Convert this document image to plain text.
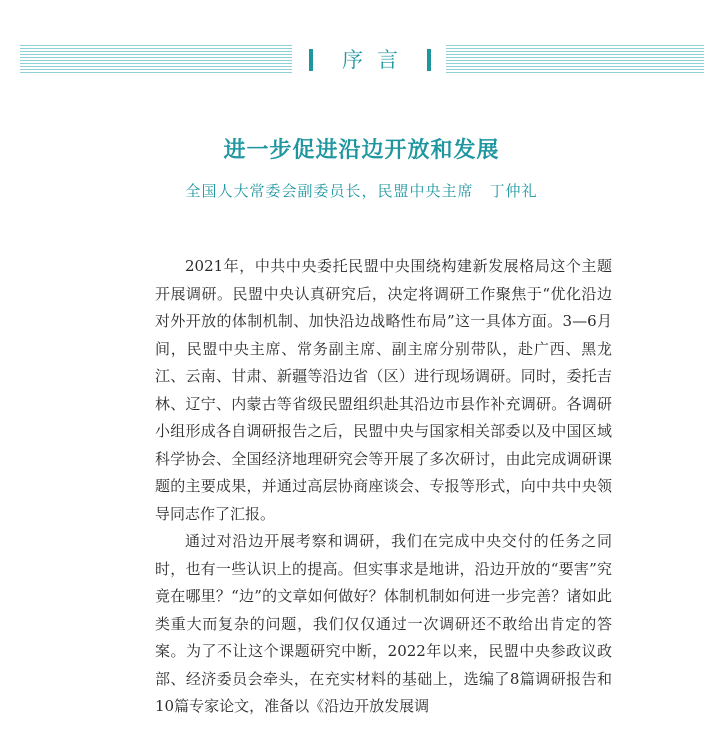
序言
进一步促进沿边开放和发展
全国人大常委会副委员长，民盟中央主席　丁仲礼

2021年，中共中央委托民盟中央围绕构建新发展格局这个主题开展调研。民盟中央认真研究后，决定将调研工作聚焦于“优化沿边对外开放的体制机制、加快沿边战略性布局”这一具体方面。3—6月间，民盟中央主席、常务副主席、副主席分别带队，赴广西、黑龙江、云南、甘肃、新疆等沿边省（区）进行现场调研。同时，委托吉林、辽宁、内蒙古等省级民盟组织赴其沿边市县作补充调研。各调研小组形成各自调研报告之后，民盟中央与国家相关部委以及中国区域科学协会、全国经济地理研究会等开展了多次研讨，由此完成调研课题的主要成果，并通过高层协商座谈会、专报等形式，向中共中央领导同志作了汇报。

通过对沿边开展考察和调研，我们在完成中央交付的任务之同时，也有一些认识上的提高。但实事求是地讲，沿边开放的“要害”究竟在哪里？“边”的文章如何做好？体制机制如何进一步完善？诸如此类重大而复杂的问题，我们仅仅通过一次调研还不敢给出肯定的答案。为了不让这个课题研究中断，2022年以来，民盟中央参政议政部、经济委员会牵头，在充实材料的基础上，选编了8篇调研报告和10篇专家论文，准备以《沿边开放发展调
